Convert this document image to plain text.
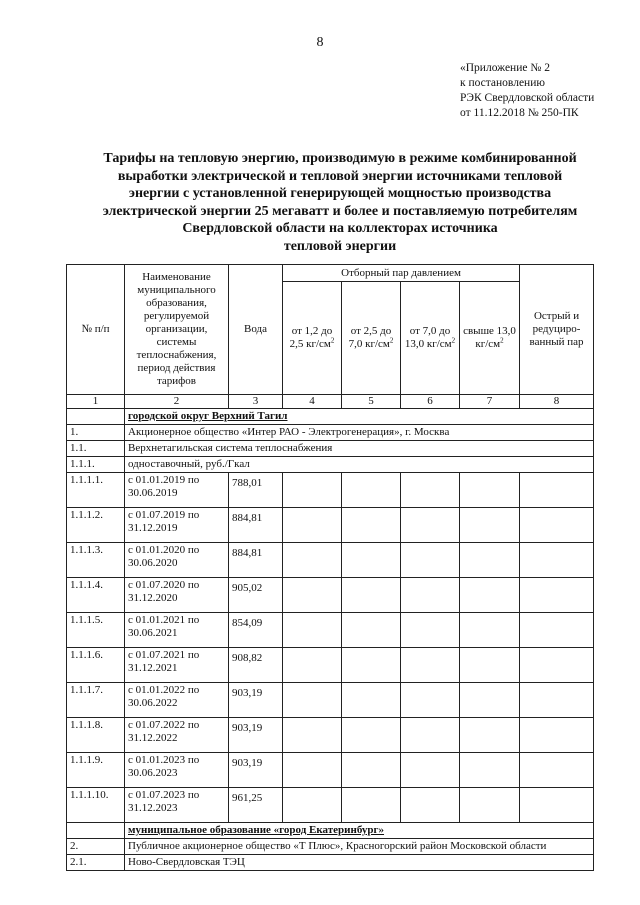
8
«Приложение № 2
к постановлению
РЭК Свердловской области
от 11.12.2018 № 250-ПК
Тарифы на тепловую энергию, производимую в режиме комбинированной
выработки электрической и тепловой энергии источниками тепловой
энергии с установленной генерирующей мощностью производства
электрической энергии 25 мегаватт и более и поставляемую потребителям
Свердловской области на коллекторах источника
тепловой энергии
№ п/п	Наименование муниципального образования, регулируемой организации, системы теплоснабжения, период действия тарифов	Вода	Отборный пар давлением				Острый и редуциро-ванный пар
			от 1,2 до 2,5 $кг/см^2$	от 2,5 до 7,0 $кг/см^2$	от 7,0 до 13,0 $кг/см^2$	свыше 13,0 $кг/см^2$
1	2	3	4	5	6	7	8
	городской округ Верхний Тагил						
1.	Акционерное общество «Интер РАО - Электрогенерация», г. Москва						
1.1.	Верхнетагильская система теплоснабжения						
1.1.1.	одноставочный, руб./Гкал						
1.1.1.1.	с 01.01.2019 по 30.06.2019	788,01					
1.1.1.2.	с 01.07.2019 по 31.12.2019	884,81					
1.1.1.3.	с 01.01.2020 по 30.06.2020	884,81					
1.1.1.4.	с 01.07.2020 по 31.12.2020	905,02					
1.1.1.5.	с 01.01.2021 по 30.06.2021	854,09					
1.1.1.6.	с 01.07.2021 по 31.12.2021	908,82					
1.1.1.7.	с 01.01.2022 по 30.06.2022	903,19					
1.1.1.8.	с 01.07.2022 по 31.12.2022	903,19					
1.1.1.9.	с 01.01.2023 по 30.06.2023	903,19					
1.1.1.10.	с 01.07.2023 по 31.12.2023	961,25					
	муниципальное образование «город Екатеринбург»						
2.	Публичное акционерное общество «Т Плюс», Красногорский район Московской области						
2.1.	Ново-Свердловская ТЭЦ						
